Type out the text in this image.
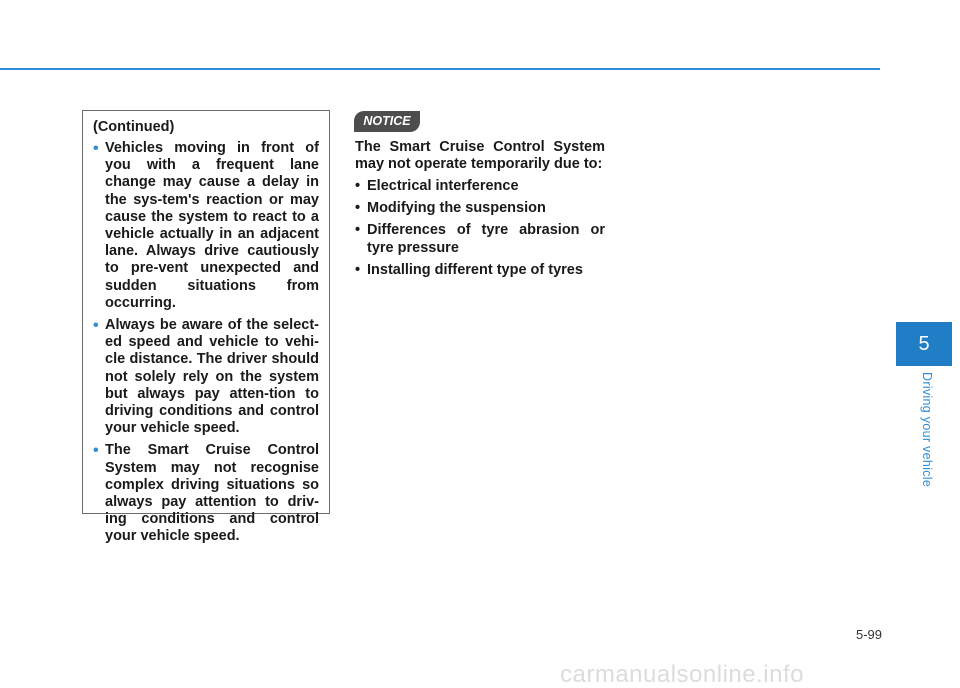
(Continued)

• Vehicles moving in front of you with a frequent lane change may cause a delay in the sys-tem's reaction or may cause the system to react to a vehicle actually in an adjacent lane. Always drive cautiously to pre-vent unexpected and sudden situations from occurring.
• Always be aware of the select-ed speed and vehicle to vehi-cle distance. The driver should not solely rely on the system but always pay atten-tion to driving conditions and control your vehicle speed.
• The Smart Cruise Control System may not recognise complex driving situations so always pay attention to driv-ing conditions and control your vehicle speed.
NOTICE

The Smart Cruise Control System may not operate temporarily due to:

• Electrical interference
• Modifying the suspension
• Differences of tyre abrasion or tyre pressure
• Installing different type of tyres
5
Driving your vehicle
5-99
carmanualsonline.info
